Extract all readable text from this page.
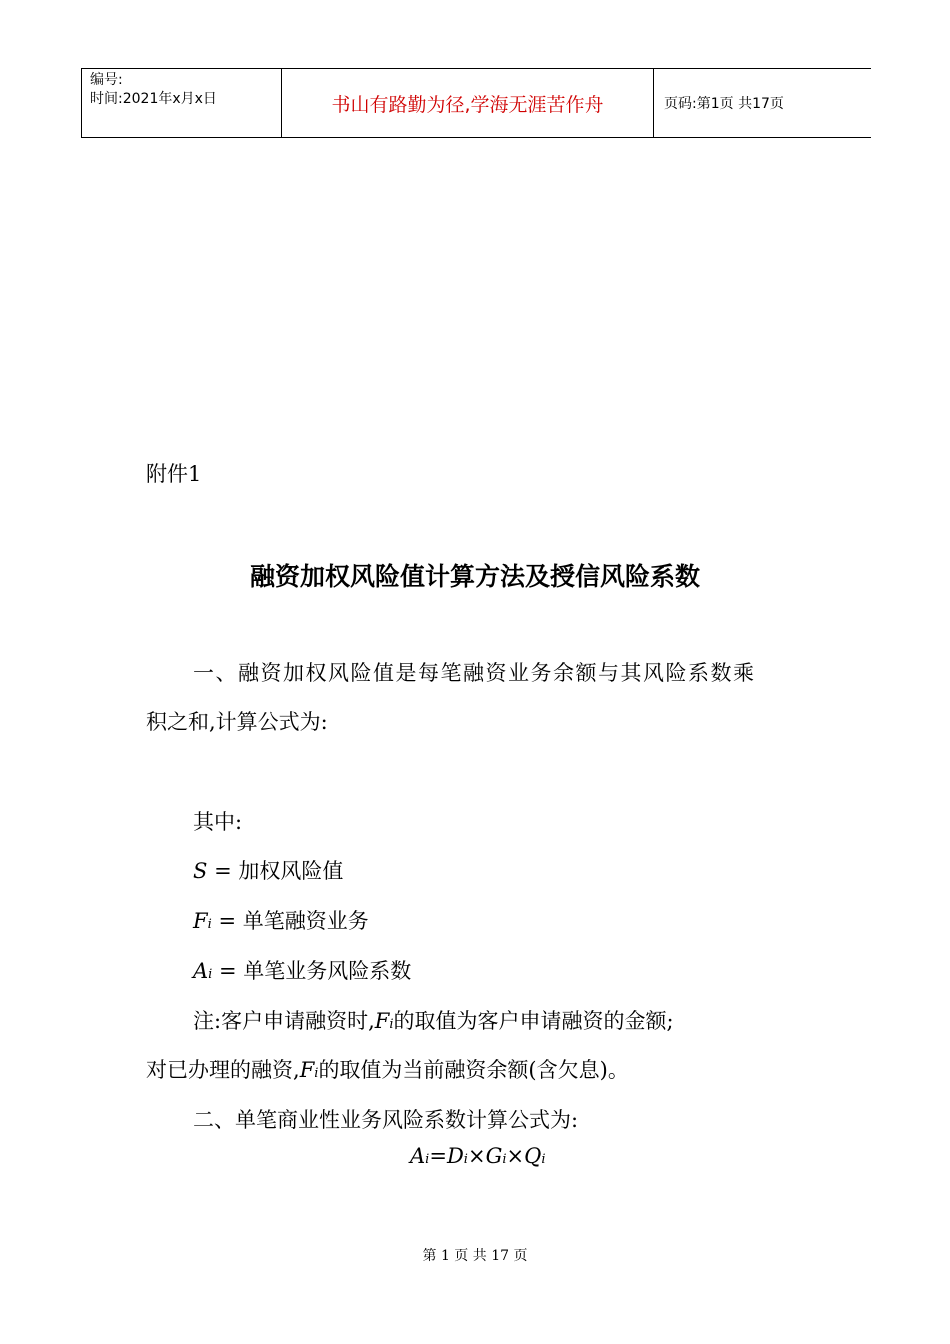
编号:
时间:2021年x月x日	书山有路勤为径,学海无涯苦作舟	页码:第1页 共17页
附件1
融资加权风险值计算方法及授信风险系数
一、融资加权风险值是每笔融资业务余额与其风险系数乘
积之和,计算公式为:
其中:
S = 加权风险值
Fi = 单笔融资业务
Ai = 单笔业务风险系数
注:客户申请融资时,Fi的取值为客户申请融资的金额;
对已办理的融资,Fi的取值为当前融资余额(含欠息)。
二、单笔商业性业务风险系数计算公式为:
Ai=Di×Gi×Qi
第 1 页 共 17 页
